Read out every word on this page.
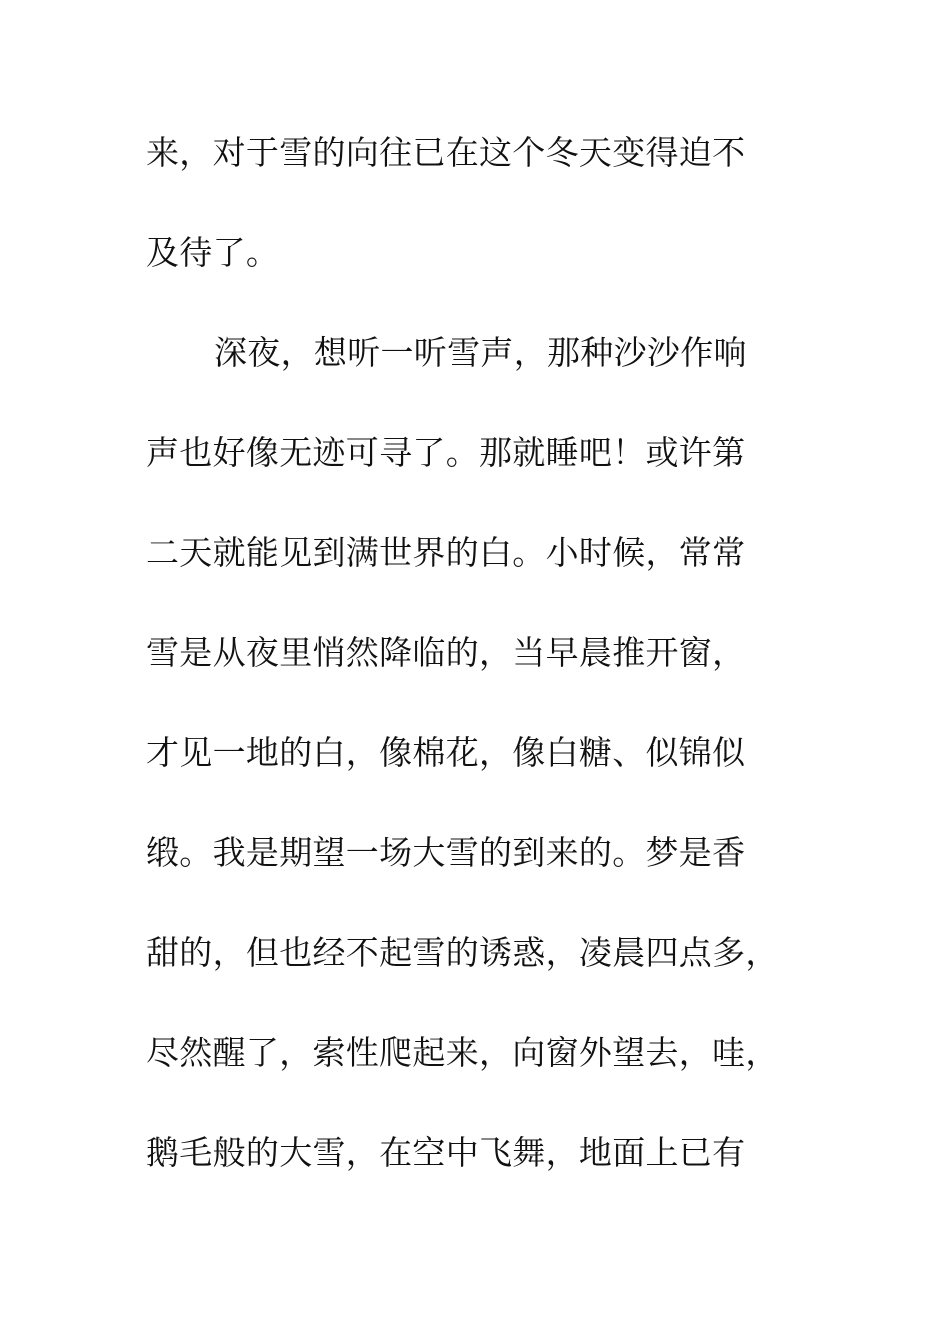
来，对于雪的向往已在这个冬天变得迫不
及待了。
深夜，想听一听雪声，那种沙沙作响
声也好像无迹可寻了。那就睡吧！或许第
二天就能见到满世界的白。小时候，常常
雪是从夜里悄然降临的，当早晨推开窗，
才见一地的白，像棉花，像白糖、似锦似
缎。我是期望一场大雪的到来的。梦是香
甜的，但也经不起雪的诱惑，凌晨四点多，
尽然醒了，索性爬起来，向窗外望去，哇，
鹅毛般的大雪，在空中飞舞，地面上已有
